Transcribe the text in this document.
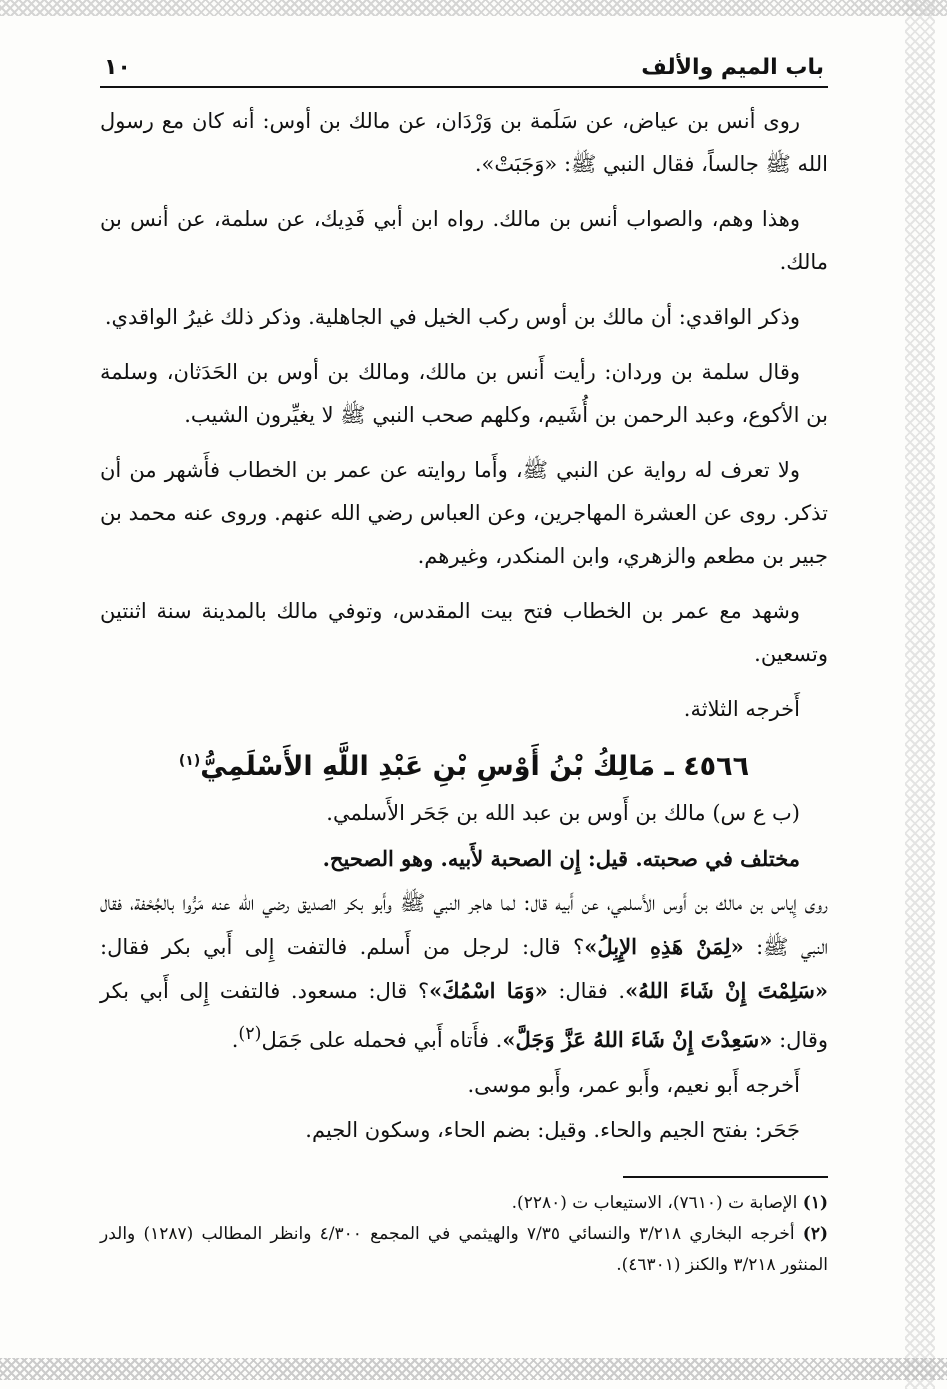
باب الميم والألف
١٠

روى أنس بن عياض، عن سَلَمة بن وَرْدَان، عن مالك بن أوس: أنه كان مع رسول الله ﷺ جالساً، فقال النبي ﷺ: «وَجَبَتْ».

وهذا وهم، والصواب أنس بن مالك. رواه ابن أبي فَدِيك، عن سلمة، عن أنس بن مالك.

وذكر الواقدي: أن مالك بن أوس ركب الخيل في الجاهلية. وذكر ذلك غيرُ الواقدي.

وقال سلمة بن وردان: رأيت أَنس بن مالك، ومالك بن أوس بن الحَدَثان، وسلمة بن الأكوع، وعبد الرحمن بن أُشَيم، وكلهم صحب النبي ﷺ لا يغيِّرون الشيب.

ولا تعرف له رواية عن النبي ﷺ، وأَما روايته عن عمر بن الخطاب فأَشهر من أن تذكر. روى عن العشرة المهاجرين، وعن العباس رضي الله عنهم. وروى عنه محمد بن جبير بن مطعم والزهري، وابن المنكدر، وغيرهم.

وشهد مع عمر بن الخطاب فتح بيت المقدس، وتوفي مالك بالمدينة سنة اثنتين وتسعين.

أَخرجه الثلاثة.

٤٥٦٦ ـ مَالِكُ بْنُ أَوْسِ بْنِ عَبْدِ اللَّهِ الأَسْلَمِيُّ$^{(١)}$

(ب ع س) مالك بن أَوس بن عبد الله بن جَحَر الأَسلمي.

مختلف في صحبته. قيل: إِن الصحبة لأَبيه. وهو الصحيح.

روى إِياس بن مالك بن أَوس الأَسلمي، عن أَبيه قال: لما هاجر النبي ﷺ وأَبو بكر الصديق رضي الله عنه مَرُّوا بالجُحْفة، فقال النبي ﷺ: «لِمَنْ هَذِهِ الإِبِلُ»؟ قال: لرجل من أَسلم. فالتفت إِلى أَبي بكر فقال: «سَلِمْتَ إِنْ شَاءَ اللهُ». فقال: «وَمَا اسْمُكَ»؟ قال: مسعود. فالتفت إِلى أَبي بكر وقال: «سَعِدْتَ إِنْ شَاءَ اللهُ عَزَّ وَجَلَّ». فأَتاه أَبي فحمله على جَمَل$^{(٢)}$.

أَخرجه أَبو نعيم، وأَبو عمر، وأَبو موسى.

جَحَر: بفتح الجيم والحاء. وقيل: بضم الحاء، وسكون الجيم.

(١) الإصابة ت (٧٦١٠)، الاستيعاب ت (٢٢٨٠).

(٢) أخرجه البخاري ٣/٢١٨ والنسائي ٧/٣٥ والهيثمي في المجمع ٤/٣٠٠ وانظر المطالب (١٢٨٧) والدر المنثور ٣/٢١٨ والكنز (٤٦٣٠١).
